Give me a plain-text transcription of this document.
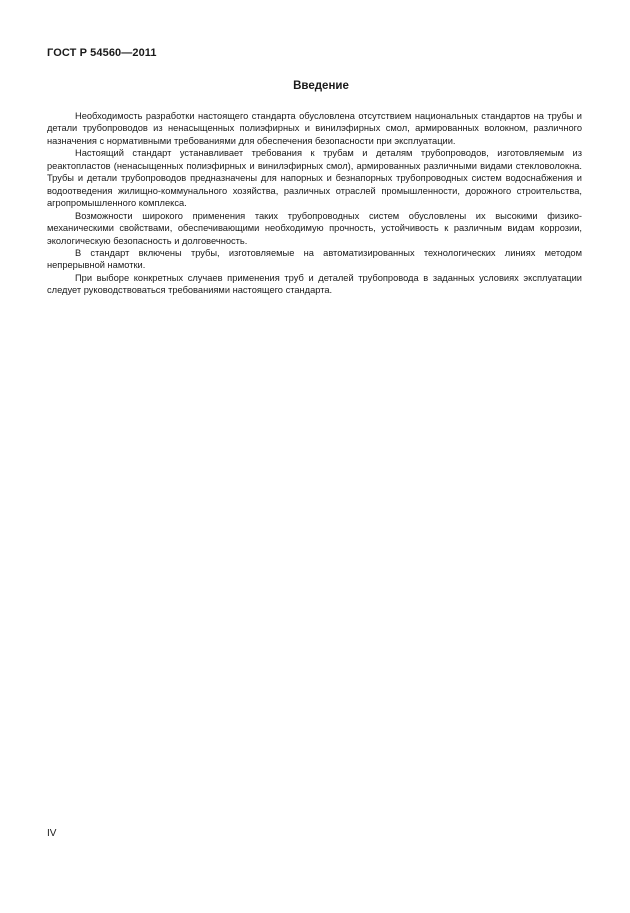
ГОСТ Р 54560—2011
Введение

Необходимость разработки настоящего стандарта обусловлена отсутствием национальных стандартов на трубы и детали трубопроводов из ненасыщенных полиэфирных и винилэфирных смол, армированных волокном, различного назначения с нормативными требованиями для обеспечения безопасности при эксплуатации.

Настоящий стандарт устанавливает требования к трубам и деталям трубопроводов, изготовляемым из реактопластов (ненасыщенных полиэфирных и винилэфирных смол), армированных различными видами стекловолокна. Трубы и детали трубопроводов предназначены для напорных и безнапорных трубопроводных систем водоснабжения и водоотведения жилищно-коммунального хозяйства, различных отраслей промышленности, дорожного строительства, агропромышленного комплекса.

Возможности широкого применения таких трубопроводных систем обусловлены их высокими физико-механическими свойствами, обеспечивающими необходимую прочность, устойчивость к различным видам коррозии, экологическую безопасность и долговечность.

В стандарт включены трубы, изготовляемые на автоматизированных технологических линиях методом непрерывной намотки.

При выборе конкретных случаев применения труб и деталей трубопровода в заданных условиях эксплуатации следует руководствоваться требованиями настоящего стандарта.

IV
